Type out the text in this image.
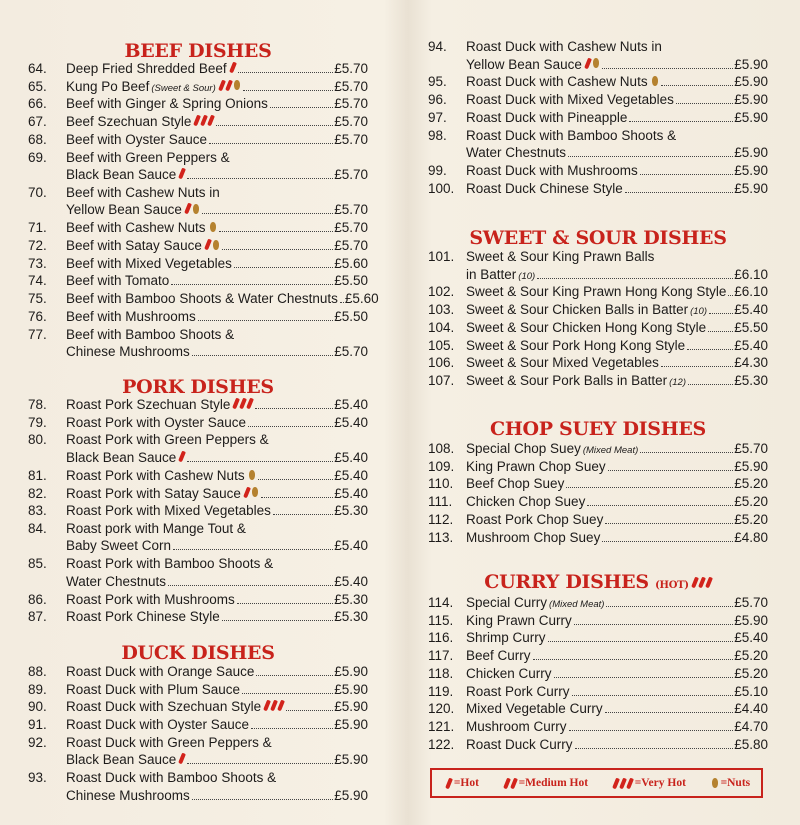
BEEF DISHES
64. Deep Fried Shredded Beef	£5.70
65. Kung Po Beef (Sweet & Sour)	£5.70
66. Beef with Ginger & Spring Onions	£5.70
67. Beef Szechuan Style	£5.70
68. Beef with Oyster Sauce	£5.70
69. Beef with Green Peppers &
Black Bean Sauce	£5.70
70. Beef with Cashew Nuts in
Yellow Bean Sauce	£5.70
71. Beef with Cashew Nuts	£5.70
72. Beef with Satay Sauce	£5.70
73. Beef with Mixed Vegetables	£5.60
74. Beef with Tomato	£5.50
75. Beef with Bamboo Shoots & Water Chestnuts £5.60
76. Beef with Mushrooms	£5.50
77. Beef with Bamboo Shoots &
Chinese Mushrooms	£5.70
PORK DISHES
78. Roast Pork Szechuan Style	£5.40
79. Roast Pork with Oyster Sauce	£5.40
80. Roast Pork with Green Peppers &
Black Bean Sauce	£5.40
81. Roast Pork with Cashew Nuts	£5.40
82. Roast Pork with Satay Sauce	£5.40
83. Roast Pork with Mixed Vegetables	£5.30
84. Roast pork with Mange Tout &
Baby Sweet Corn	£5.40
85. Roast Pork with Bamboo Shoots &
Water Chestnuts	£5.40
86. Roast Pork with Mushrooms	£5.30
87. Roast Pork Chinese Style	£5.30
DUCK DISHES
88. Roast Duck with Orange Sauce	£5.90
89. Roast Duck with Plum Sauce	£5.90
90. Roast Duck with Szechuan Style	£5.90
91. Roast Duck with Oyster Sauce	£5.90
92. Roast Duck with Green Peppers &
Black Bean Sauce	£5.90
93. Roast Duck with Bamboo Shoots &
Chinese Mushrooms	£5.90
94. Roast Duck with Cashew Nuts in
Yellow Bean Sauce	£5.90
95. Roast Duck with Cashew Nuts	£5.90
96. Roast Duck with Mixed Vegetables	£5.90
97. Roast Duck with Pineapple	£5.90
98. Roast Duck with Bamboo Shoots &
Water Chestnuts	£5.90
99. Roast Duck with Mushrooms	£5.90
100. Roast Duck Chinese Style	£5.90
SWEET & SOUR DISHES
101. Sweet & Sour King Prawn Balls
in Batter (10)	£6.10
102. Sweet & Sour King Prawn Hong Kong Style £6.10
103. Sweet & Sour Chicken Balls in Batter (10) £5.40
104. Sweet & Sour Chicken Hong Kong Style £5.50
105. Sweet & Sour Pork Hong Kong Style	£5.40
106. Sweet & Sour Mixed Vegetables	£4.30
107. Sweet & Sour Pork Balls in Batter (12)	£5.30
CHOP SUEY DISHES
108. Special Chop Suey (Mixed Meat)	£5.70
109. King Prawn Chop Suey	£5.90
110. Beef Chop Suey	£5.20
111. Chicken Chop Suey	£5.20
112. Roast Pork Chop Suey	£5.20
113. Mushroom Chop Suey	£4.80
CURRY DISHES (HOT)
114. Special Curry (Mixed Meat)	£5.70
115. King Prawn Curry	£5.90
116. Shrimp Curry	£5.40
117. Beef Curry	£5.20
118. Chicken Curry	£5.20
119. Roast Pork Curry	£5.10
120. Mixed Vegetable Curry	£4.40
121. Mushroom Curry	£4.70
122. Roast Duck Curry	£5.80
=Hot	=Medium Hot	=Very Hot	=Nuts
